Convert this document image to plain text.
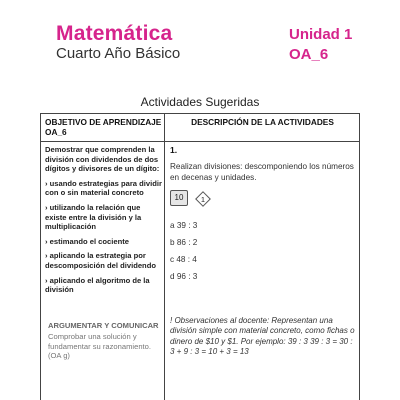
Matemática
Cuarto Año Básico
Unidad 1
OA_6
Actividades Sugeridas
OBJETIVO DE APRENDIZAJE OA_6
DESCRIPCIÓN DE LA ACTIVIDADES
Demostrar que comprenden la división con dividendos de dos dígitos y divisores de un dígito:
› usando estrategias para dividir con o sin material concreto
› utilizando la relación que existe entre la división y la multiplicación
› estimando el cociente
› aplicando la estrategia por descomposición del dividendo
› aplicando el algoritmo de la división
ARGUMENTAR Y COMUNICAR
Comprobar una solución y fundamentar su razonamiento. (OA g)
1.
Realizan divisiones: descomponiendo los números en decenas y unidades.
10	1
a 39 : 3
b 86 : 2
c 48 : 4
d 96 : 3
! Observaciones al docente: Representan una división simple con material concreto, como fichas o dinero de $10 y $1. Por ejemplo: 39 : 3 39 : 3 = 30 : 3 + 9 : 3 = 10 + 3 = 13
